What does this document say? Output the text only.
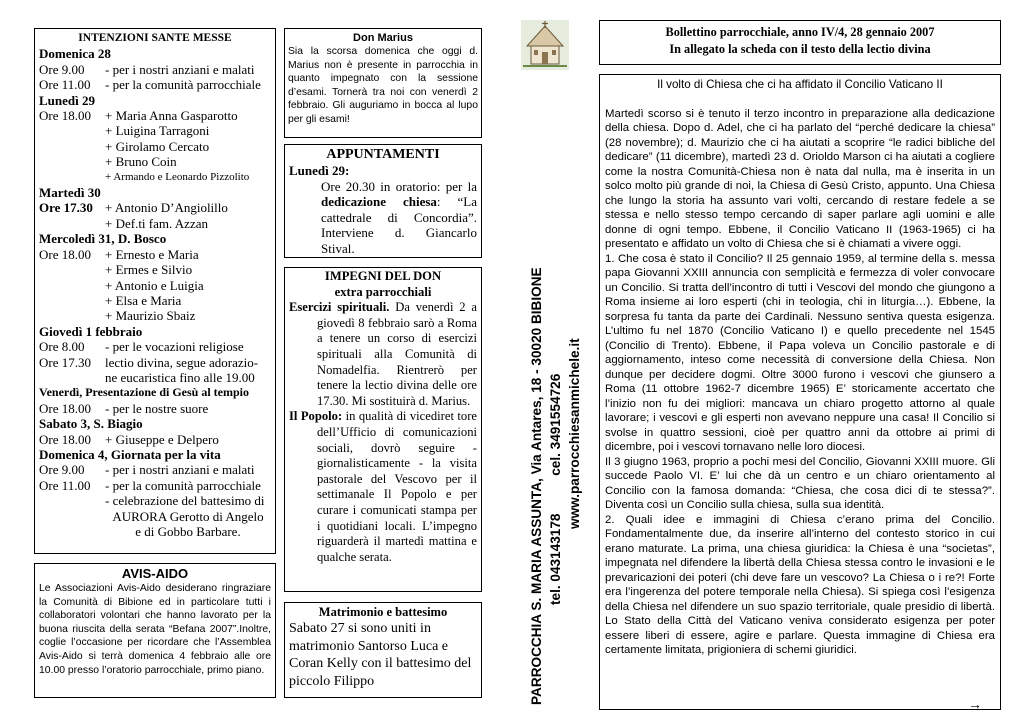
INTENZIONI SANTE MESSE
Domenica 28
Ore 9.00	- per i nostri anziani e malati
Ore 11.00	- per la comunità parrocchiale
Lunedì 29
Ore 18.00	+ Maria Anna Gasparotto
+ Luigina Tarragoni
+ Girolamo Cercato
+ Bruno Coin
+ Armando e Leonardo Pizzolito
Martedì 30
Ore 17.30 + Antonio D’Angiolillo
+ Def.ti fam. Azzan
Mercoledì 31, D. Bosco
Ore 18.00	+ Ernesto e Maria
+ Ermes e Silvio
+ Antonio e Luigia
+ Elsa e Maria
+ Maurizio Sbaiz
Giovedì 1 febbraio
Ore 8.00	- per le vocazioni religiose
Ore 17.30	lectio divina, segue adorazio-
ne eucaristica fino alle 19.00
Venerdì, Presentazione di Gesù al tempio
Ore 18.00	- per le nostre suore
Sabato 3, S. Biagio
Ore 18.00	+ Giuseppe e Delpero
Domenica 4, Giornata per la vita
Ore 9.00	- per i nostri anziani e malati
Ore 11.00	- per la comunità parrocchiale
- celebrazione del battesimo di
AURORA Gerotto di Angelo
e di Gobbo Barbare.
AVIS-AIDO

Le Associazioni Avis-Aido desiderano ringraziare la Comunità di Bibione ed in particolare tutti i collaboratori volontari che hanno lavorato per la buona riuscita della serata “Befana 2007”.Inoltre, coglie l’occasione per ricordare che l’Assemblea Avis-Aido si terrà domenica 4 febbraio alle ore 10.00 presso l’oratorio parrocchiale, primo piano.

Don Marius

Sia la scorsa domenica che oggi d. Marius non è presente in parrocchia in quanto impegnato con la sessione d’esami. Tornerà tra noi con venerdì 2 febbraio. Gli auguriamo in bocca al lupo per gli esami!

APPUNTAMENTI
Lunedì 29:

Ore 20.30 in oratorio: per la dedicazione chiesa: “La cattedrale di Concordia”. Interviene d. Giancarlo Stival.

IMPEGNI DEL DON
extra parrocchiali

Esercizi spirituali. Da venerdì 2 a giovedì 8 febbraio sarò a Roma a tenere un corso di esercizi spirituali alla Comunità di Nomadelfia. Rientrerò per tenere la lectio divina delle ore 17.30. Mi sostituirà d. Marius.

Il Popolo: in qualità di vicediret tore dell’Ufficio di comunicazioni sociali, dovrò seguire - giornalisticamente - la visita pastorale del Vescovo per il settimanale Il Popolo e per curare i comunicati stampa per i quotidiani locali. L’impegno riguarderà il martedì mattina e qualche serata.

Matrimonio e battesimo

Sabato 27 si sono uniti in matrimonio Santorso Luca e Coran Kelly con il battesimo del piccolo Filippo	PARROCCHIA S. MARIA ASSUNTA, Via Antares, 18 - 30020 BIBIONE tel. 043143178          cel. 3491554726 www.parrocchiesanmichele.it
Bollettino parrocchiale, anno IV/4, 28 gennaio 2007
In allegato la scheda con il testo della lectio divina
Il volto di Chiesa che ci ha affidato il Concilio Vaticano II

Martedì scorso si è tenuto il terzo incontro in preparazione alla dedicazione della chiesa. Dopo d. Adel, che ci ha parlato del “perché dedicare la chiesa” (28 novembre); d. Maurizio che ci ha aiutati a scoprire “le radici bibliche del dedicare” (11 dicembre), martedì 23 d. Orioldo Marson ci ha aiutati a cogliere come la nostra Comunità-Chiesa non è nata dal nulla, ma è inserita in un solco molto più grande di noi, la Chiesa di Gesù Cristo, appunto. Una Chiesa che lungo la storia ha assunto vari volti, cercando di restare fedele a se stessa e nello stesso tempo cercando di saper parlare agli uomini e alle donne di ogni tempo. Ebbene, il Concilio Vaticano II (1963-1965) ci ha presentato e affidato un volto di Chiesa che si è chiamati a vivere oggi.

1. Che cosa è stato il Concilio? Il 25 gennaio 1959, al termine della s. messa papa Giovanni XXIII annuncia con semplicità e fermezza di voler convocare un Concilio. Si tratta dell’incontro di tutti i Vescovi del mondo che giungono a Roma insieme ai loro esperti (chi in teologia, chi in liturgia…). Ebbene, la sorpresa fu tanta da parte dei Cardinali. Nessuno sentiva questa esigenza. L’ultimo fu nel 1870 (Concilio Vaticano I) e quello precedente nel 1545 (Concilio di Trento). Ebbene, il Papa voleva un Concilio pastorale e di aggiornamento, inteso come necessità di conversione della Chiesa. Non dunque per decidere dogmi. Oltre 3000 furono i vescovi che giunsero a Roma (11 ottobre 1962-7 dicembre 1965) E’ storicamente accertato che l’inizio non fu dei migliori: mancava un chiaro progetto attorno al quale lavorare; i vescovi e gli esperti non avevano neppure una casa! Il Concilio si svolse in quattro sessioni, cioè per quattro anni da ottobre ai primi di dicembre, poi i vescovi tornavano nelle loro diocesi.

Il 3 giugno 1963, proprio a pochi mesi del Concilio, Giovanni XXIII muore. Gli succede Paolo VI. E’ lui che dà un centro e un chiaro orientamento al Concilio con la famosa domanda: “Chiesa, che cosa dici di te stessa?”. Diventa così un Concilio sulla chiesa, sulla sua identità.

2. Quali idee e immagini di Chiesa c’erano prima del Concilio. Fondamentalmente due, da inserire all’interno del contesto storico in cui erano maturate. La prima, una chiesa giuridica: la Chiesa è una “societas”, impegnata nel difendere la libertà della Chiesa stessa contro le invasioni e le prevaricazioni dei poteri (chi deve fare un vescovo? La Chiesa o i re?! Forte era l’ingerenza del potere temporale nella Chiesa). Si spiega così l’esigenza della Chiesa nel difendere un suo spazio territoriale, quale presidio di libertà. Lo Stato della Città del Vaticano veniva considerato esigenza per poter essere liberi di essere, agire e parlare. Questa immagine di Chiesa era certamente limitata, prigioniera di schemi giuridici.

→
